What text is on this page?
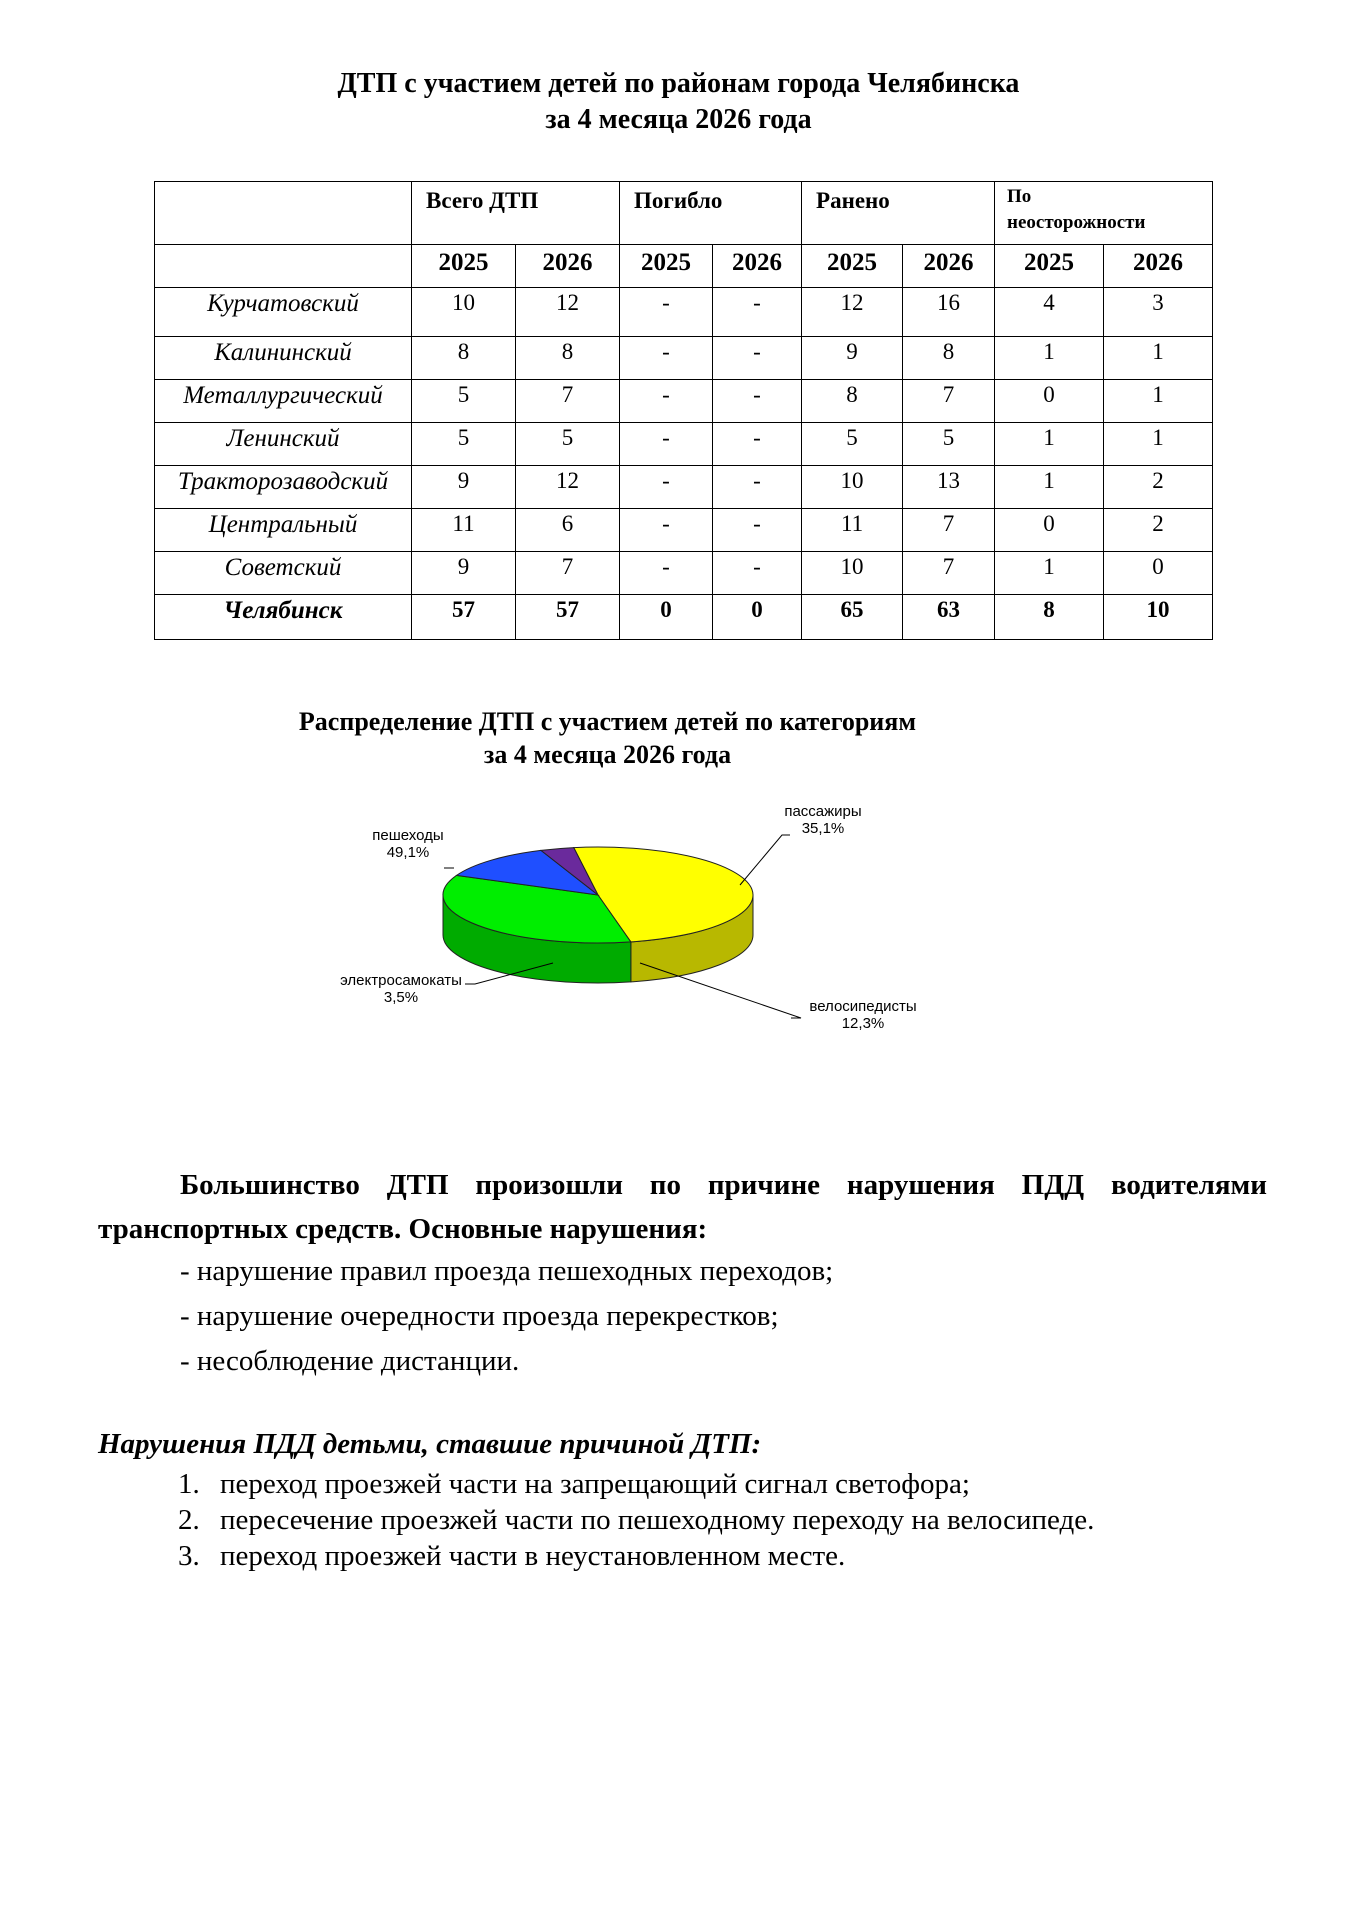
ДТП с участием детей по районам города Челябинска
за 4 месяца 2026 года
	Всего ДТП		Погибло		Ранено		По
неосторожности	
	2025	2026	2025	2026	2025	2026	2025	2026
Курчатовский	10	12	-	-	12	16	4	3
Калининский	8	8	-	-	9	8	1	1
Металлургический	5	7	-	-	8	7	0	1
Ленинский	5	5	-	-	5	5	1	1
Тракторозаводский	9	12	-	-	10	13	1	2
Центральный	11	6	-	-	11	7	0	2
Советский	9	7	-	-	10	7	1	0
Челябинск	57	57	0	0	65	63	8	10
Распределение ДТП с участием детей по категориям
за 4 месяца 2026 года
пешеходы
49,1%
пассажиры
35,1%
велосипедисты
12,3%
электросамокаты
3,5%
Большинство ДТП произошли по причине нарушения ПДД водителями
транспортных средств. Основные нарушения:
- нарушение правил проезда пешеходных переходов;
- нарушение очередности проезда перекрестков;
- несоблюдение дистанции.
Нарушения ПДД детьми, ставшие причиной ДТП:
1. переход проезжей части на запрещающий сигнал светофора;
2. пересечение проезжей части по пешеходному переходу на велосипеде.
3. переход проезжей части в неустановленном месте.
